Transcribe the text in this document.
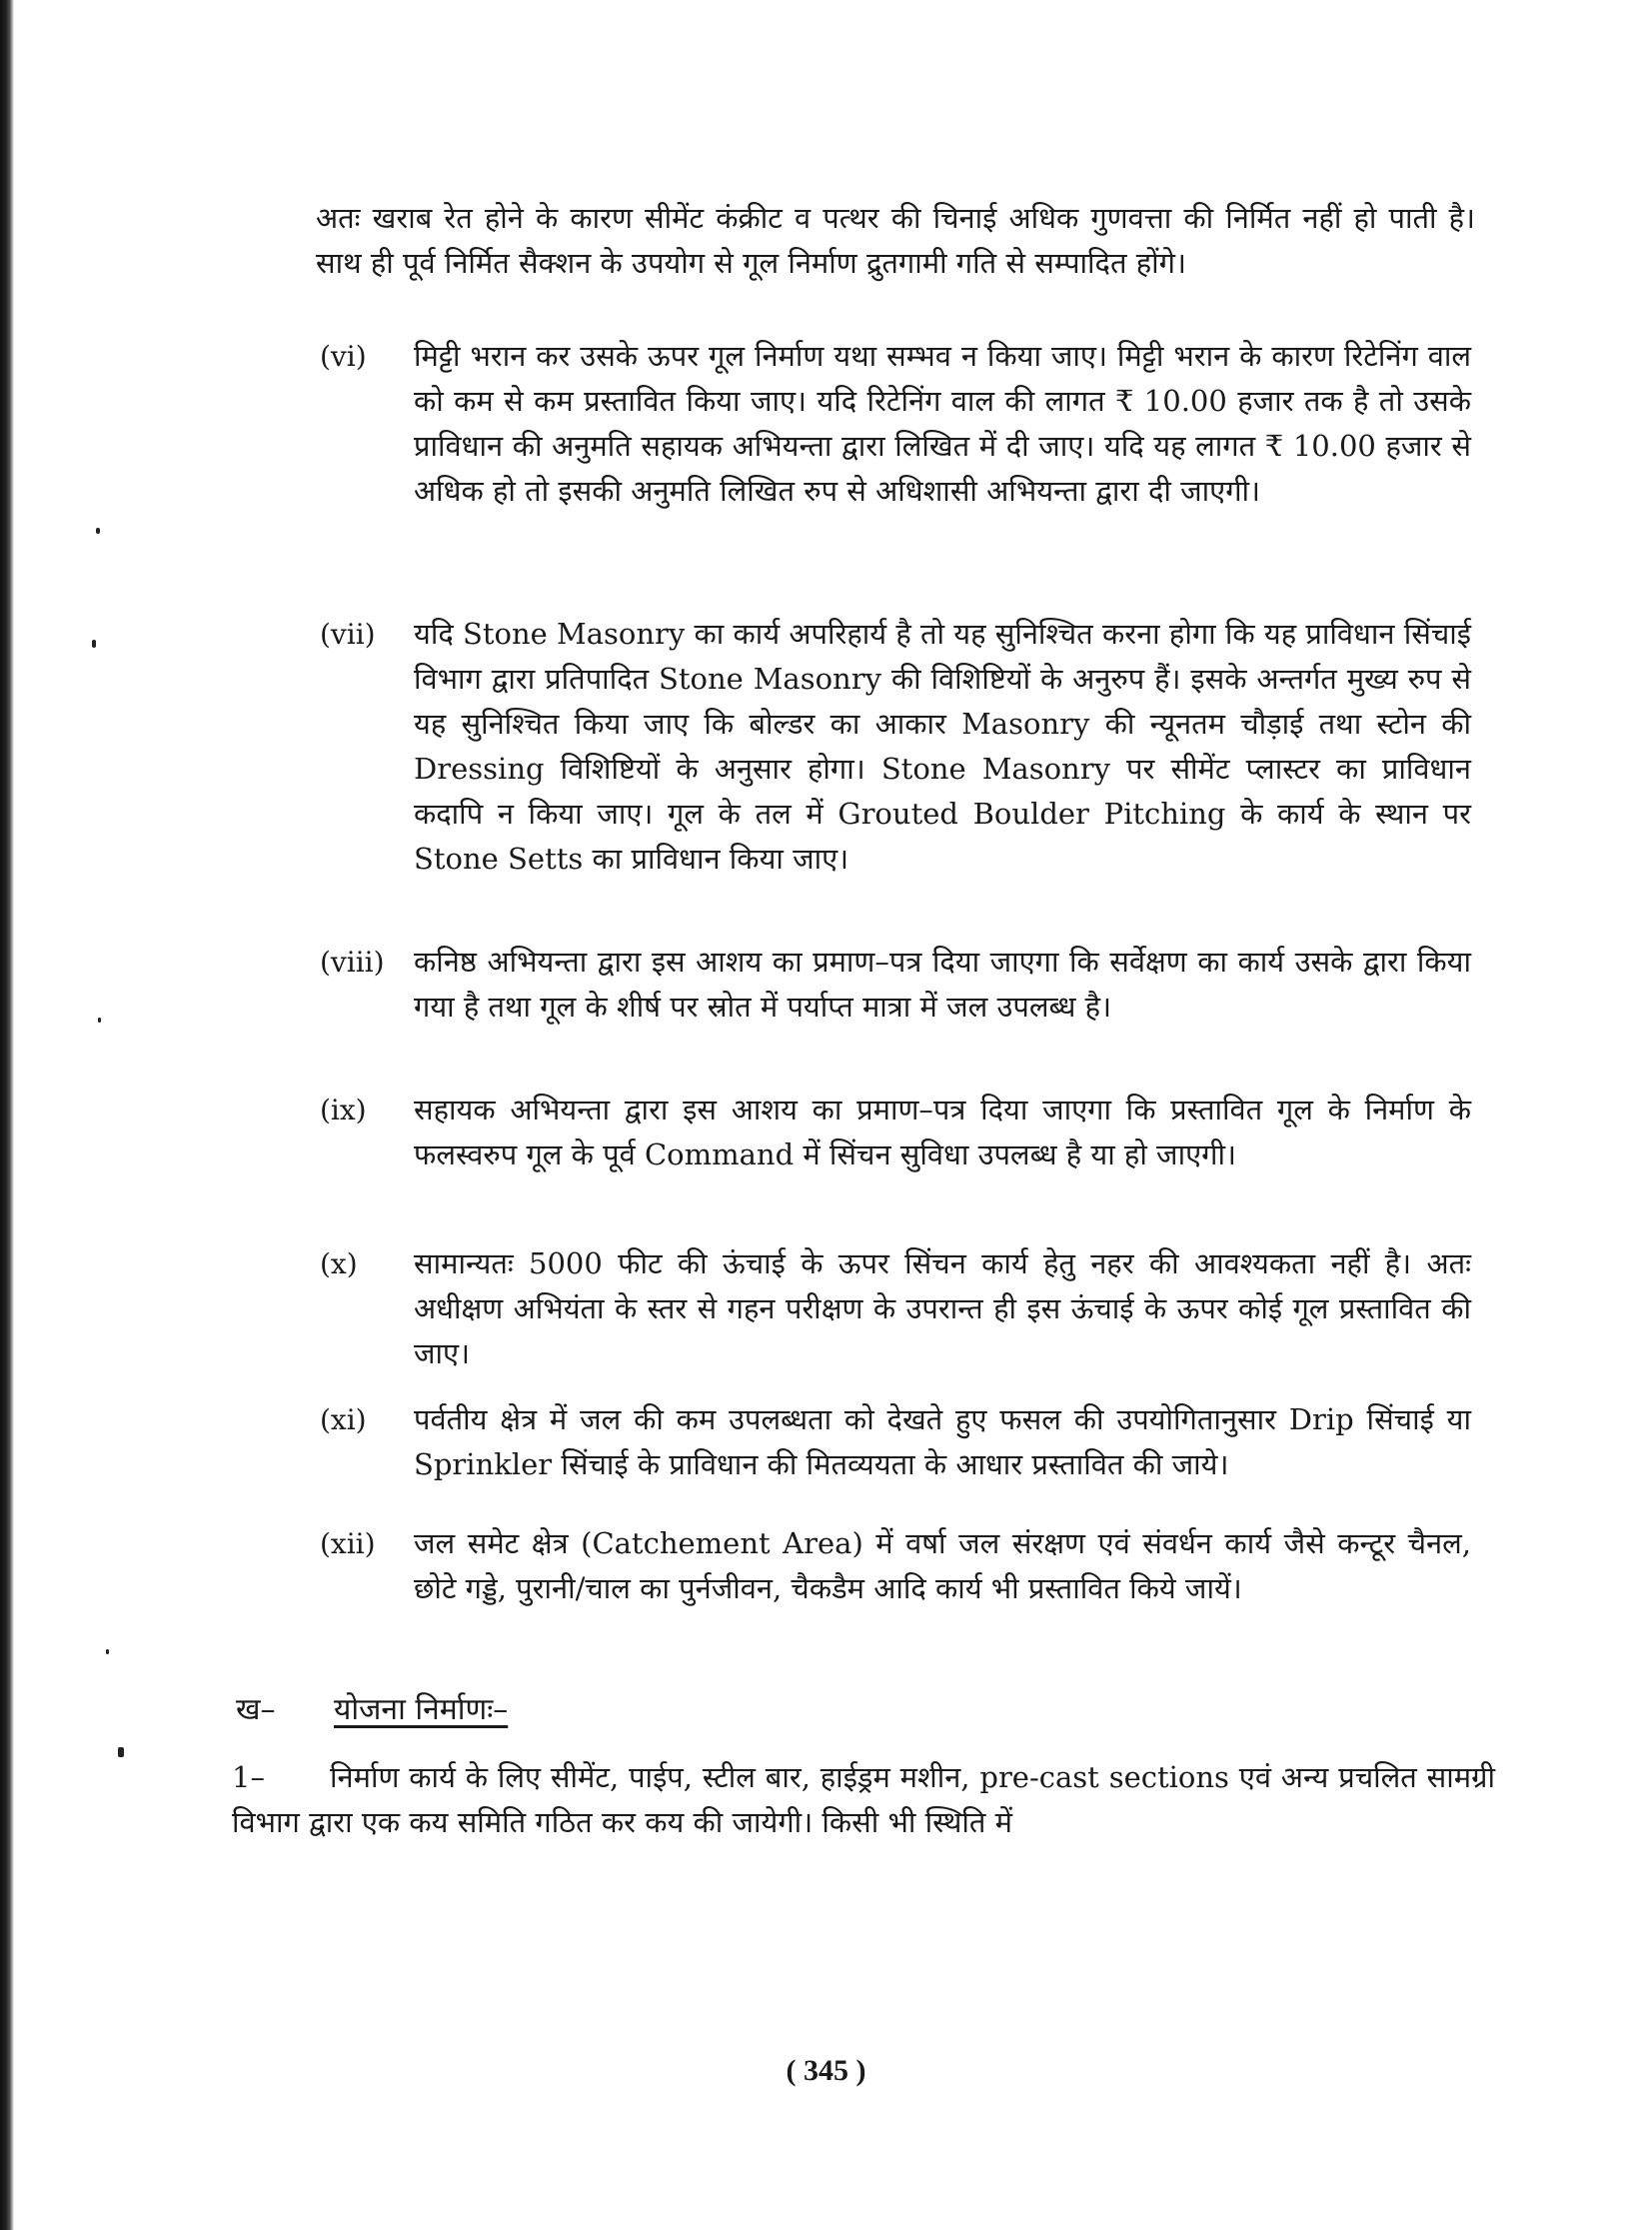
अतः खराब रेत होने के कारण सीमेंट कंक्रीट व पत्थर की चिनाई अधिक गुणवत्ता की निर्मित नहीं हो पाती है। साथ ही पूर्व निर्मित सैक्शन के उपयोग से गूल निर्माण द्रुतगामी गति से सम्पादित होंगे।

(vi)	मिट्टी भरान कर उसके ऊपर गूल निर्माण यथा सम्भव न किया जाए। मिट्टी भरान के कारण रिटेनिंग वाल को कम से कम प्रस्तावित किया जाए। यदि रिटेनिंग वाल की लागत ₹ 10.00 हजार तक है तो उसके प्राविधान की अनुमति सहायक अभियन्ता द्वारा लिखित में दी जाए। यदि यह लागत ₹ 10.00 हजार से अधिक हो तो इसकी अनुमति लिखित रुप से अधिशासी अभियन्ता द्वारा दी जाएगी।

(vii)	यदि Stone Masonry का कार्य अपरिहार्य है तो यह सुनिश्चित करना होगा कि यह प्राविधान सिंचाई विभाग द्वारा प्रतिपादित Stone Masonry की विशिष्टियों के अनुरुप हैं। इसके अन्तर्गत मुख्य रुप से यह सुनिश्चित किया जाए कि बोल्डर का आकार Masonry की न्यूनतम चौड़ाई तथा स्टोन की Dressing विशिष्टियों के अनुसार होगा। Stone Masonry पर सीमेंट प्लास्टर का प्राविधान कदापि न किया जाए। गूल के तल में Grouted Boulder Pitching के कार्य के स्थान पर Stone Setts का प्राविधान किया जाए।

(viii)	कनिष्ठ अभियन्ता द्वारा इस आशय का प्रमाण–पत्र दिया जाएगा कि सर्वेक्षण का कार्य उसके द्वारा किया गया है तथा गूल के शीर्ष पर स्रोत में पर्याप्त मात्रा में जल उपलब्ध है।

(ix)	सहायक अभियन्ता द्वारा इस आशय का प्रमाण–पत्र दिया जाएगा कि प्रस्तावित गूल के निर्माण के फलस्वरुप गूल के पूर्व Command में सिंचन सुविधा उपलब्ध है या हो जाएगी।

(x)	सामान्यतः 5000 फीट की ऊंचाई के ऊपर सिंचन कार्य हेतु नहर की आवश्यकता नहीं है। अतः अधीक्षण अभियंता के स्तर से गहन परीक्षण के उपरान्त ही इस ऊंचाई के ऊपर कोई गूल प्रस्तावित की जाए।

(xi)	पर्वतीय क्षेत्र में जल की कम उपलब्धता को देखते हुए फसल की उपयोगितानुसार Drip सिंचाई या Sprinkler सिंचाई के प्राविधान की मितव्ययता के आधार प्रस्तावित की जाये।

(xii)	जल समेट क्षेत्र (Catchement Area) में वर्षा जल संरक्षण एवं संवर्धन कार्य जैसे कन्टूर चैनल, छोटे गड्डे, पुरानी/चाल का पुर्नजीवन, चैकडैम आदि कार्य भी प्रस्तावित किये जायें।

ख– योजना निर्माणः–

1– निर्माण कार्य के लिए सीमेंट, पाईप, स्टील बार, हाईड्रम मशीन, pre-cast sections एवं अन्य प्रचलित सामग्री विभाग द्वारा एक कय समिति गठित कर कय की जायेगी। किसी भी स्थिति में

( 345 )
